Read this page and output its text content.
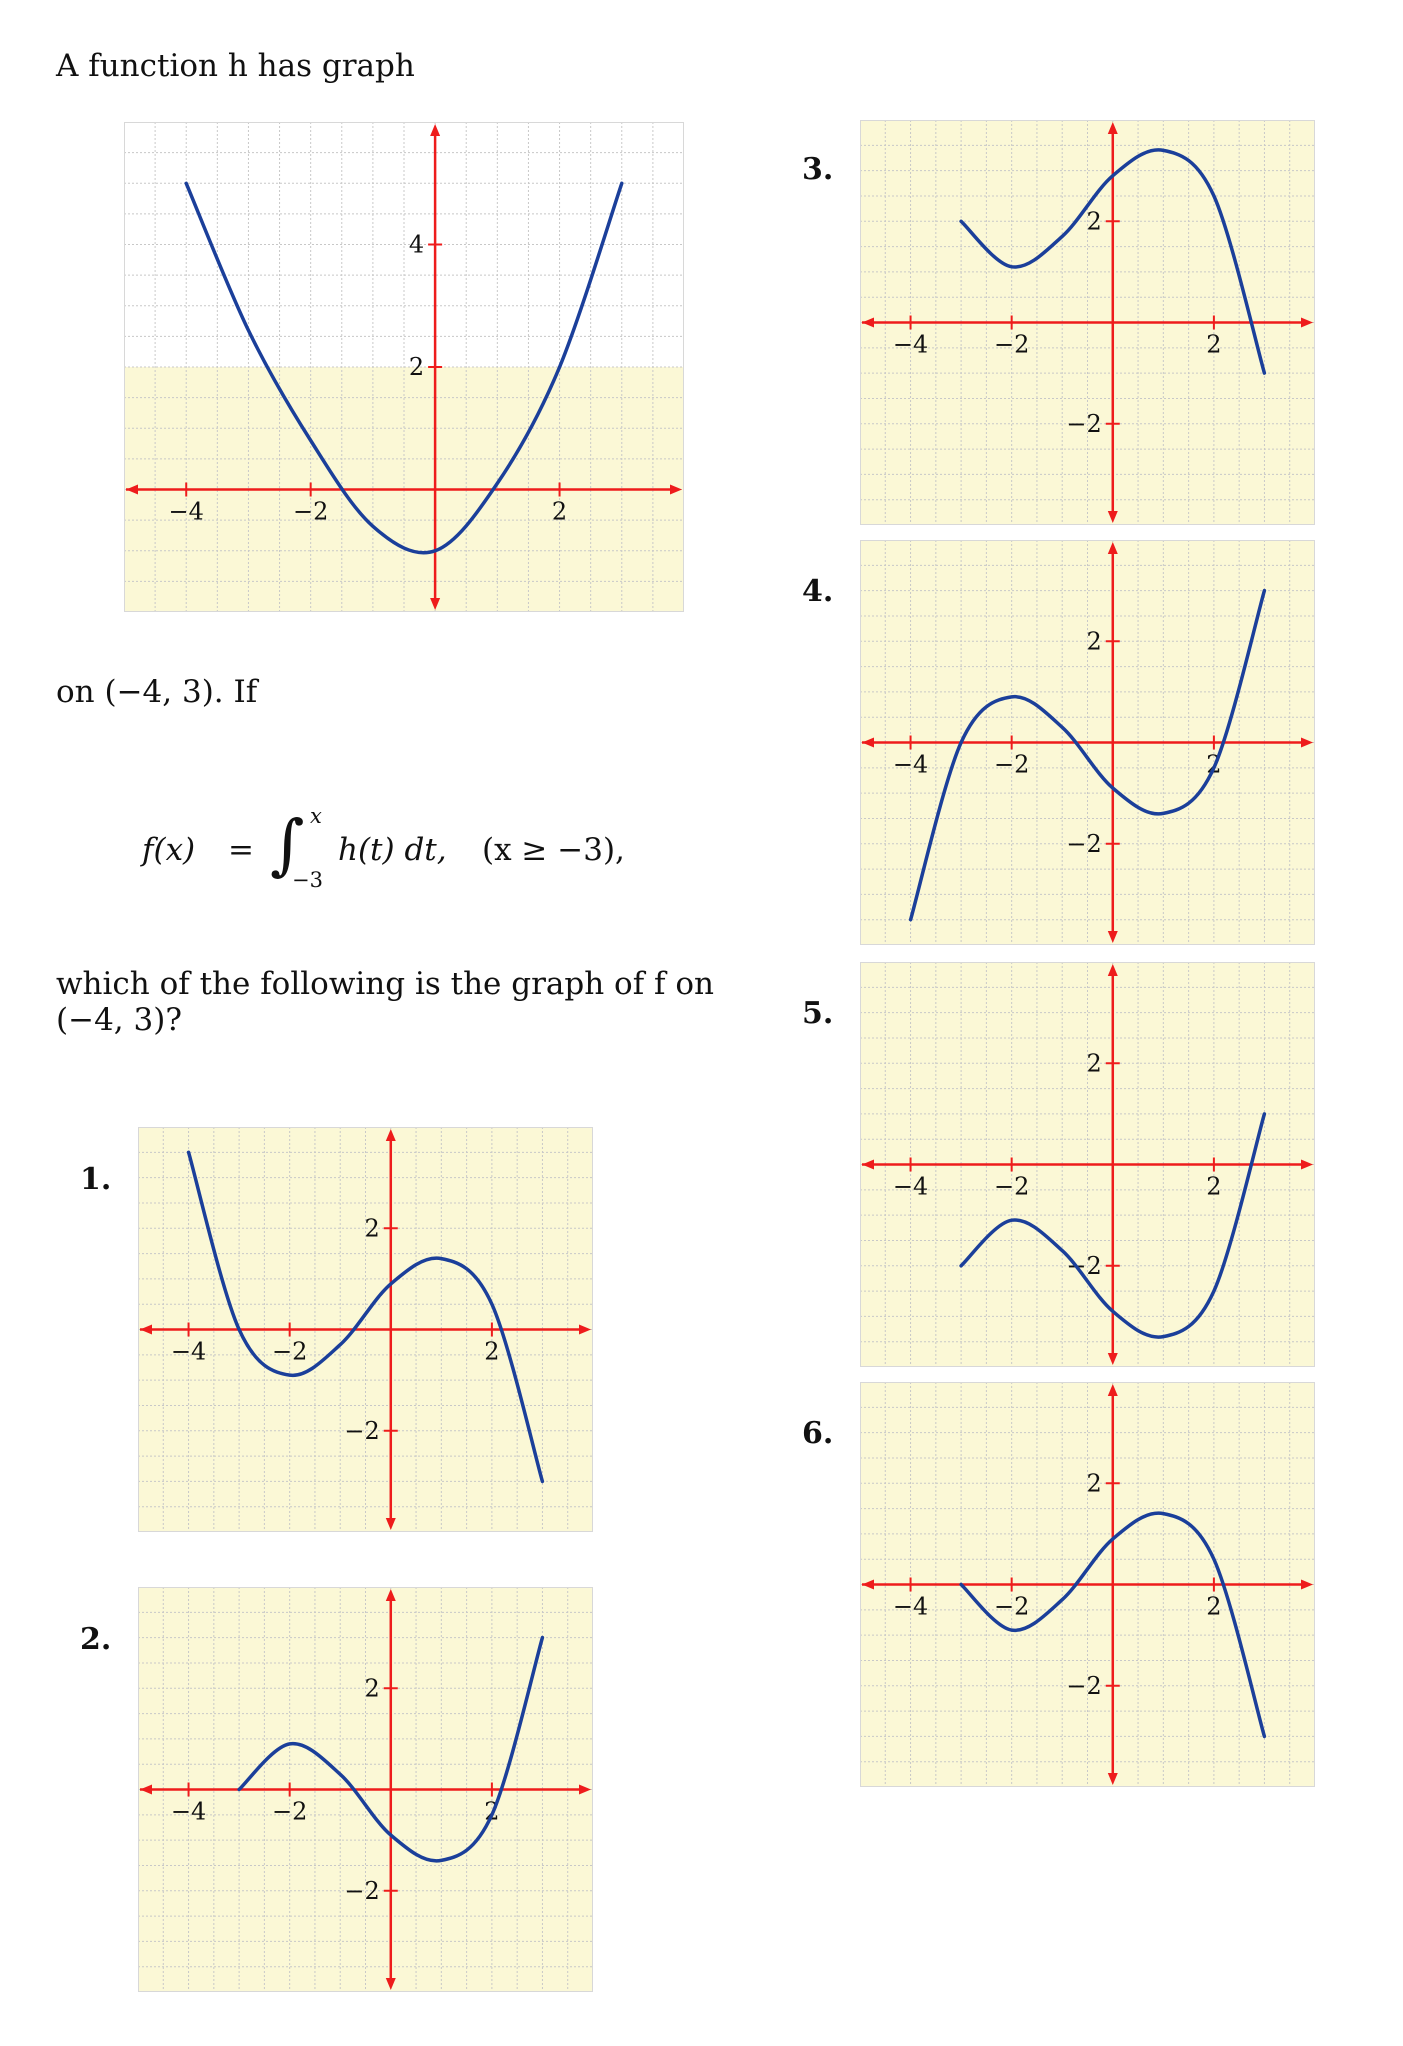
A function h has graph
on (−4, 3). If
f(x) = ∫ x
−3
h(t) dt, (x ≥ −3),
which of the following is the graph of f on
(−4, 3)?
1.
2.
3.
4.
5.
6.
−4	−2	2
2
4
−4	−2	2
2
−2
−4	−2	2
2
−2
−4	−2	2
2
−2
−4	−2	2
2
−2
−4	−2	2
2
−2
−4	−2	2
2
−2
